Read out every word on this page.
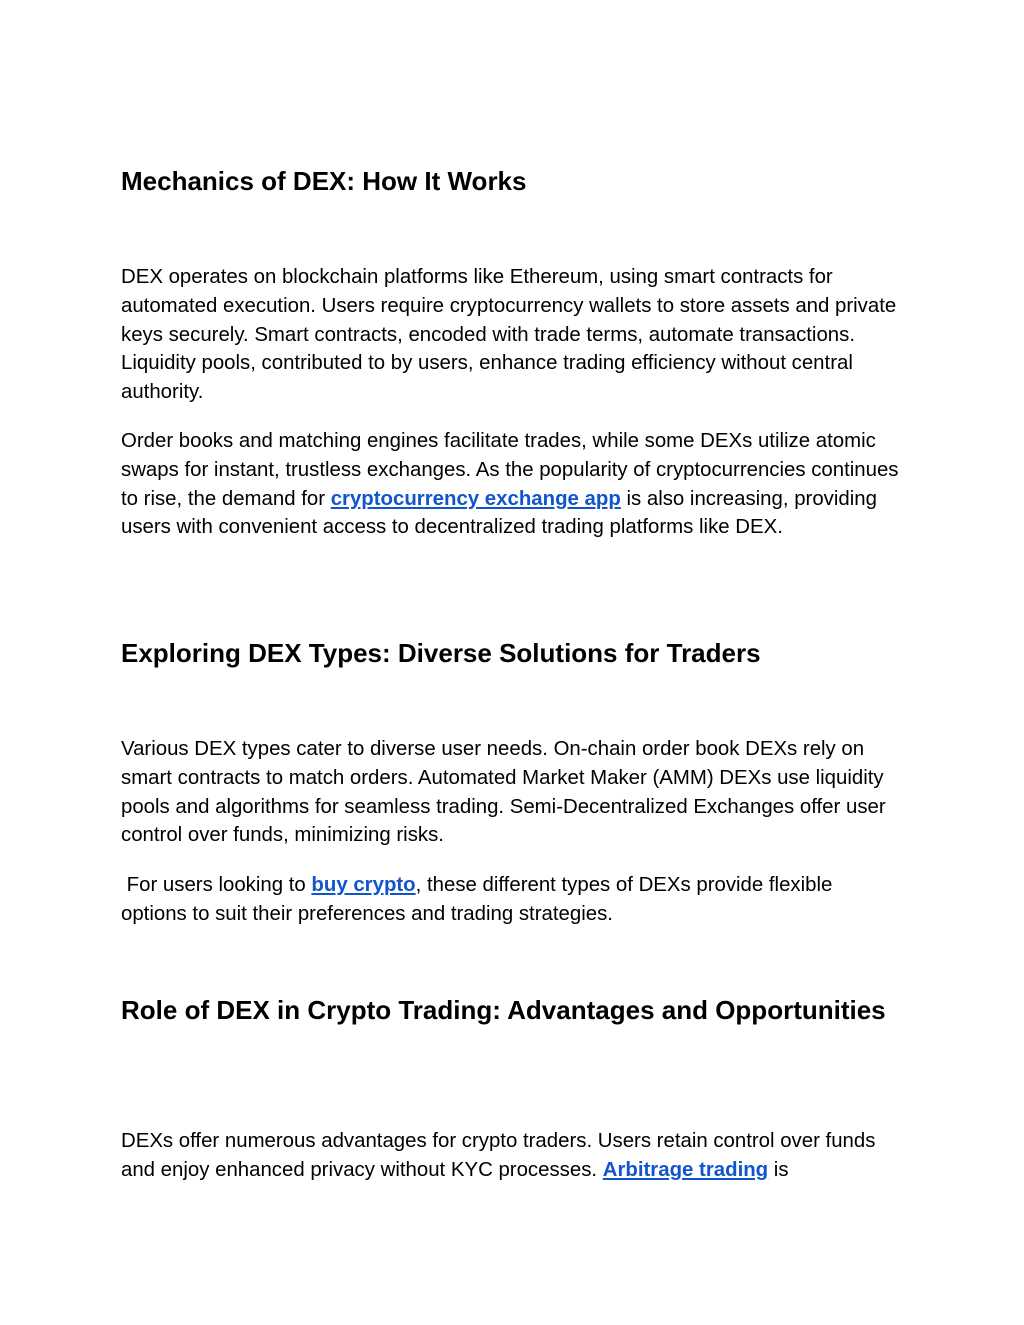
Mechanics of DEX: How It Works

DEX operates on blockchain platforms like Ethereum, using smart contracts for automated execution. Users require cryptocurrency wallets to store assets and private keys securely. Smart contracts, encoded with trade terms, automate transactions. Liquidity pools, contributed to by users, enhance trading efficiency without central authority.

Order books and matching engines facilitate trades, while some DEXs utilize atomic swaps for instant, trustless exchanges. As the popularity of cryptocurrencies continues to rise, the demand for cryptocurrency exchange app is also increasing, providing users with convenient access to decentralized trading platforms like DEX.

Exploring DEX Types: Diverse Solutions for Traders

Various DEX types cater to diverse user needs. On-chain order book DEXs rely on smart contracts to match orders. Automated Market Maker (AMM) DEXs use liquidity pools and algorithms for seamless trading. Semi-Decentralized Exchanges offer user control over funds, minimizing risks.

For users looking to buy crypto, these different types of DEXs provide flexible options to suit their preferences and trading strategies.

Role of DEX in Crypto Trading: Advantages and Opportunities

DEXs offer numerous advantages for crypto traders. Users retain control over funds and enjoy enhanced privacy without KYC processes. Arbitrage trading is
